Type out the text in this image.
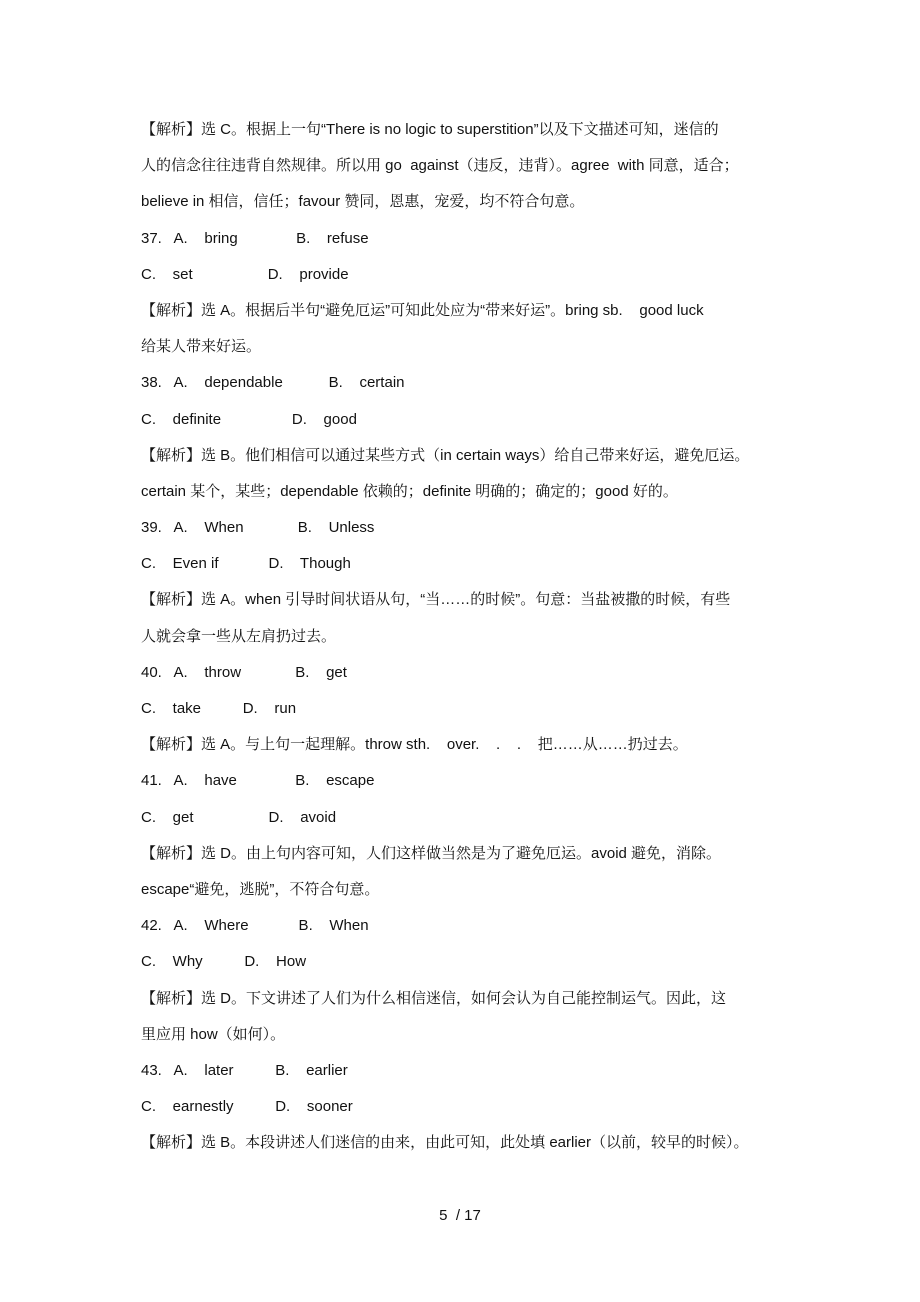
【解析】选 C。根据上一句“There is no logic to superstition”以及下文描述可知，迷信的
人的信念往往违背自然规律。所以用 go  against（违反，违背）。agree  with 同意，适合；
believe in 相信，信任；favour 赞同，恩惠，宠爱，均不符合句意。
37.   A.    bring              B.    refuse
C.    set                  D.    provide
【解析】选 A。根据后半句“避免厄运”可知此处应为“带来好运”。bring sb.    good luck
给某人带来好运。
38.   A.    dependable           B.    certain
C.    definite                 D.    good
【解析】选 B。他们相信可以通过某些方式（in certain ways）给自己带来好运，避免厄运。
certain 某个，某些；dependable 依赖的；definite 明确的；确定的；good 好的。
39.   A.    When             B.    Unless
C.    Even if            D.    Though
【解析】选 A。when 引导时间状语从句，“当……的时候”。句意：当盐被撒的时候，有些
人就会拿一些从左肩扔过去。
40.   A.    throw             B.    get
C.    take          D.    run
【解析】选 A。与上句一起理解。throw sth.    over.    .    .    把……从……扔过去。
41.   A.    have              B.    escape
C.    get                  D.    avoid
【解析】选 D。由上句内容可知，人们这样做当然是为了避免厄运。avoid 避免，消除。
escape“避免，逃脱”，不符合句意。
42.   A.    Where            B.    When
C.    Why          D.    How
【解析】选 D。下文讲述了人们为什么相信迷信，如何会认为自己能控制运气。因此，这
里应用 how（如何）。
43.   A.    later          B.    earlier
C.    earnestly          D.    sooner
【解析】选 B。本段讲述人们迷信的由来，由此可知，此处填 earlier（以前，较早的时候）。
5  / 17
